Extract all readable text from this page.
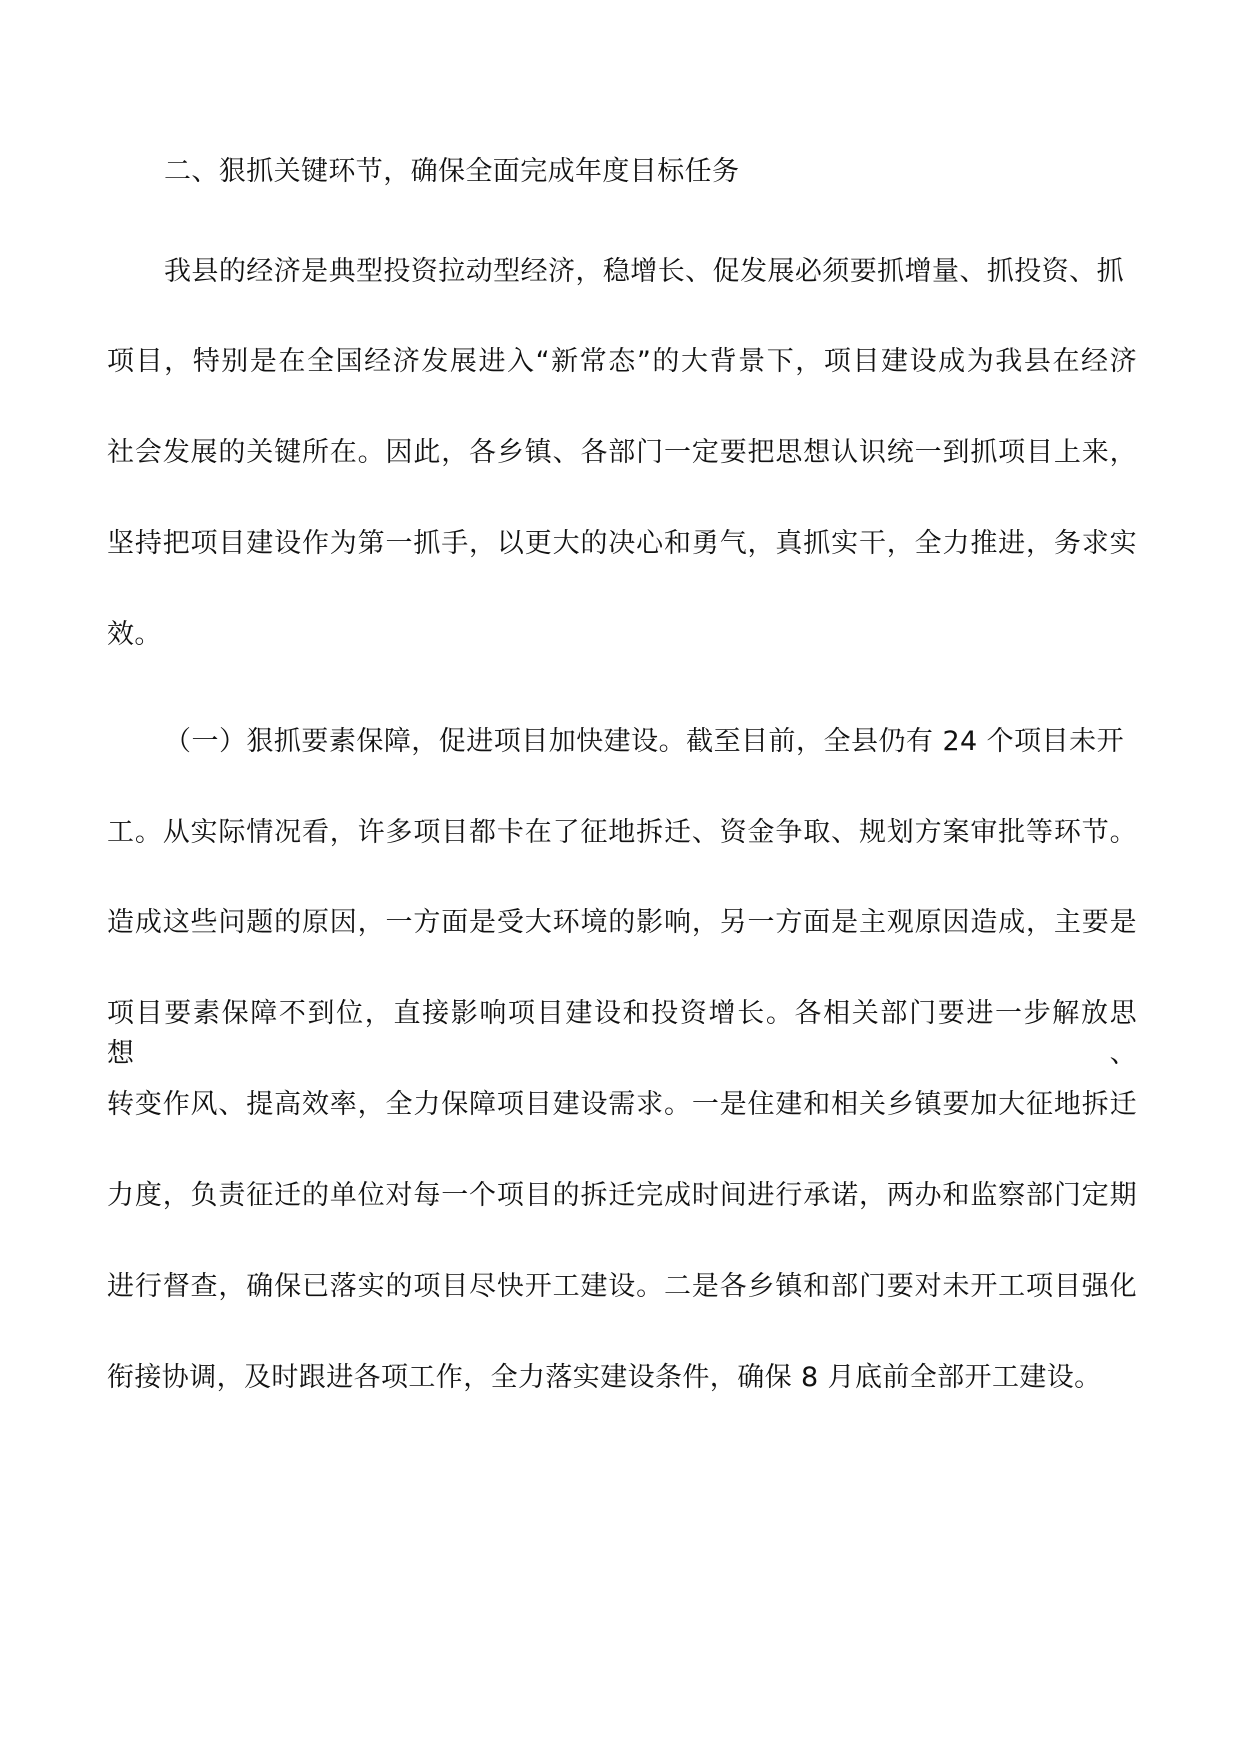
二、狠抓关键环节，确保全面完成年度目标任务
我县的经济是典型投资拉动型经济，稳增长、促发展必须要抓增量、抓投资、抓
项目，特别是在全国经济发展进入“新常态”的大背景下，项目建设成为我县在经济
社会发展的关键所在。因此，各乡镇、各部门一定要把思想认识统一到抓项目上来，
坚持把项目建设作为第一抓手，以更大的决心和勇气，真抓实干，全力推进，务求实
效。
（一）狠抓要素保障，促进项目加快建设。截至目前，全县仍有 24 个项目未开
工。从实际情况看，许多项目都卡在了征地拆迁、资金争取、规划方案审批等环节。
造成这些问题的原因，一方面是受大环境的影响，另一方面是主观原因造成，主要是
项目要素保障不到位，直接影响项目建设和投资增长。各相关部门要进一步解放思想、
转变作风、提高效率，全力保障项目建设需求。一是住建和相关乡镇要加大征地拆迁
力度，负责征迁的单位对每一个项目的拆迁完成时间进行承诺，两办和监察部门定期
进行督查，确保已落实的项目尽快开工建设。二是各乡镇和部门要对未开工项目强化
衔接协调，及时跟进各项工作，全力落实建设条件，确保 8 月底前全部开工建设。
